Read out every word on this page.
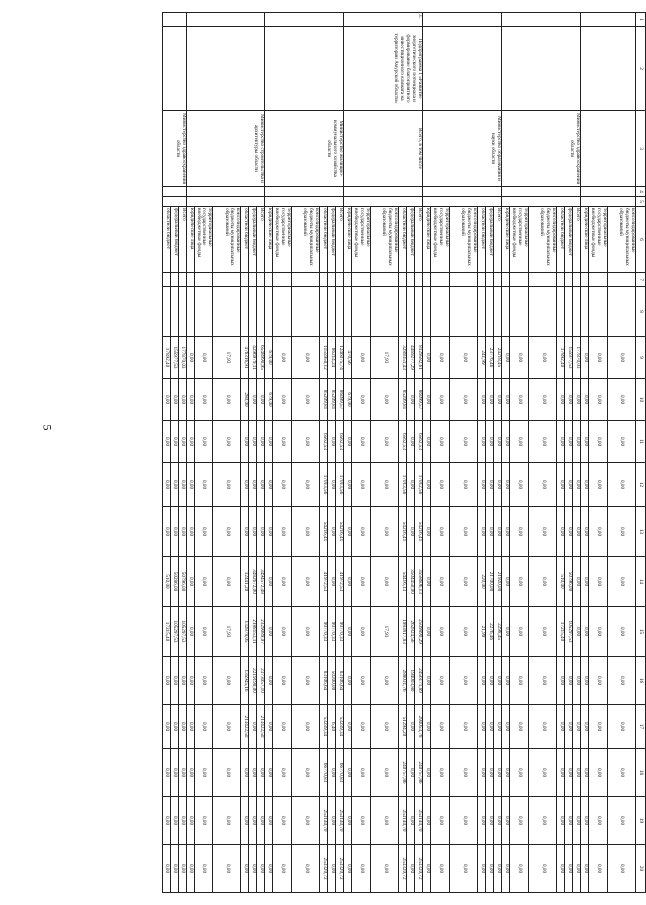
5
1	2	3	4	5	6	7	8	9	10	11	12	13	14	15	16	17	18	19	20
					консолидированные бюджеты муниципальных образований			0,00	0,00	0,00	0,00	0,00	0,00	0,00	0,00	0,00	0,00	0,00	0,00
					территориальные государственные внебюджетные фонды			0,00	0,00	0,00	0,00	0,00	0,00	0,00	0,00	0,00	0,00	0,00	0,00
					юридические лица			0,00	0,00	0,00	0,00	0,00	0,00	0,00	0,00	0,00	0,00	0,00	0,00
		Министерство здравоохранения области			Всего			177870,03	0,00	0,00	0,00	0,00	0,00	0,00	0,00	0,00	0,00	0,00	0,00
					федеральный бюджет			155977,53	0,00	0,00	0,00	0,00	50796,00	105297,53	0,00	0,00	0,00	0,00	0,00
					областной бюджет			17892,40	0,00	0,00	0,00	0,00	510,00	17215,40	0,00	0,00	0,00	0,00	0,00
					консолидированные бюджеты муниципальных образований			0,00	0,00	0,00	0,00	0,00	0,00	0,00	0,00	0,00	0,00	0,00	0,00
					территориальные государственные внебюджетные фонды			0,00	0,00	0,00	0,00	0,00	0,00	0,00	0,00	0,00	0,00	0,00	0,00
					юридические лица			0,00	0,00	0,00	0,00	0,00	0,00	0,00	0,00	0,00	0,00	0,00	0,00
		Министерство образования и науки области			Всего			24218,45	0,00	0,00	0,00	0,00	21920,00	2298,45	0,00	0,00	0,00	0,00	0,00
					федеральный бюджет			23776,46	0,00	0,00	0,00	0,00	21700,00	2276,46	0,00	0,00	0,00	0,00	0,00
					областной бюджет			241,99	0,00	0,00	0,00	0,00	220,00	21,99	0,00	0,00	0,00	0,00	0,00
					консолидированные бюджеты муниципальных образований			0,00	0,00	0,00	0,00	0,00	0,00	0,00	0,00	0,00	0,00	0,00	0,00
					территориальные государственные внебюджетные фонды			0,00	0,00	0,00	0,00	0,00	0,00	0,00	0,00	0,00	0,00	0,00	0,00
					юридические лица			0,00	0,00	0,00	0,00	0,00	0,00	0,00	0,00	0,00	0,00	0,00	0,00
3.	Подпрограмма 1 «Развитие энергетического потенциала и формирование благоприятного инвестиционного климата на территории Амурской области»	Всего, в том числе			Всего			8129582,61	86099,57	6562,53	17012,56	54216,41	3558606,13	2509890,29	2456171,89	294053,78	240757,86	253140,70	253320,72
					федеральный бюджет			4469277,29	0,00	0,00	0,00	0,00	3504450,00	262824,56	194003,80	0,00	0,00	0,00	0,00
					областной бюджет			3289351,43	85209,81	6562,53	17013,56	54216,41	54416,13	1983817,83	288031,76	51294,20	240757,86	253140,70	253320,72
					консолидированные бюджеты муниципальных образований			17,93	0,00	0,00	0,00	0,00	0,00	17,93	0,00	0,00	0,00	0,00	0,00
					территориальные государственные внебюджетные фонды			0,00	0,00	0,00	0,00	0,00	0,00	0,00	0,00	0,00	0,00	0,00	0,00
					юридические лица			470,56	679,00	0,00	0,00	0,00	0,00	0,00	0,00	0,00	0,00	0,00	0,00
		Министерство жилищно-коммунального хозяйства области			Всего			1246075,74	86099,57	6562,53	17013,56	54216,41	41972,53	90770,33	83106,64	53239,34	66770,83	253140,70	253320,72
					федеральный бюджет			86214,24	85209,81	0,00	0,00	0,00	0,00	90770,33	50200,00	6,40	0,00	0,00	0,00
					областной бюджет			1155950,12	85209,81	6562,53	17013,56	54216,41	41972,53	90770,33	83106,64	53239,34	66770,83	253140,70	253320,72
					консолидированные бюджеты муниципальных образований			0,00	0,00	0,00	0,00	0,00	0,00	0,00	0,00	0,00	0,00	0,00	0,00
					территориальные государственные внебюджетные фонды			0,00	0,00	0,00	0,00	0,00	0,00	0,00	0,00	0,00	0,00	0,00	0,00
					юридические лица			679,00	679,00	0,00	0,00	0,00	0,00	0,00	0,00	0,00	0,00	0,00	0,00
		Министерство строительства и архитектуры области			Всего			6548990,95	0,00	0,00	0,00	0,00	3494572,48	2329089,07	2373057,10	213422,50	0,00	0,00	0,00
					федеральный бюджет			4296979,11	0,00	0,00	0,00	0,00	3482672,00	2188153,11	2219190,00	0,00	0,00	0,00	0,00
					областной бюджет			476316,91	280,00	0,00	0,00	0,00	12441,20	132878,05	135945,16	213422,50	0,00	0,00	0,00
					консолидированные бюджеты муниципальных образований			17,93	0,00	0,00	0,00	0,00	0,00	17,93	0,00	0,00	0,00	0,00	0,00
					территориальные государственные внебюджетные фонды			0,00	0,00	0,00	0,00	0,00	0,00	0,00	0,00	0,00	0,00	0,00	0,00
					юридические лица			0,00	0,00	0,00	0,00	0,00	0,00	0,00	0,00	0,00	0,00	0,00	0,00
		Министерство здравоохранения области			Всего			177870,03	0,00	0,00	0,00	0,00	50796,00	105297,53	0,00	0,00	0,00	0,00	0,00
					федеральный бюджет			155977,53	0,00	0,00	0,00	0,00	50286,00	105297,53	0,00	0,00	0,00	0,00	0,00
					областной бюджет			17892,40	0,00	0,00	0,00	0,00	510,00	17215,40	0,00	0,00	0,00	0,00	0,00
